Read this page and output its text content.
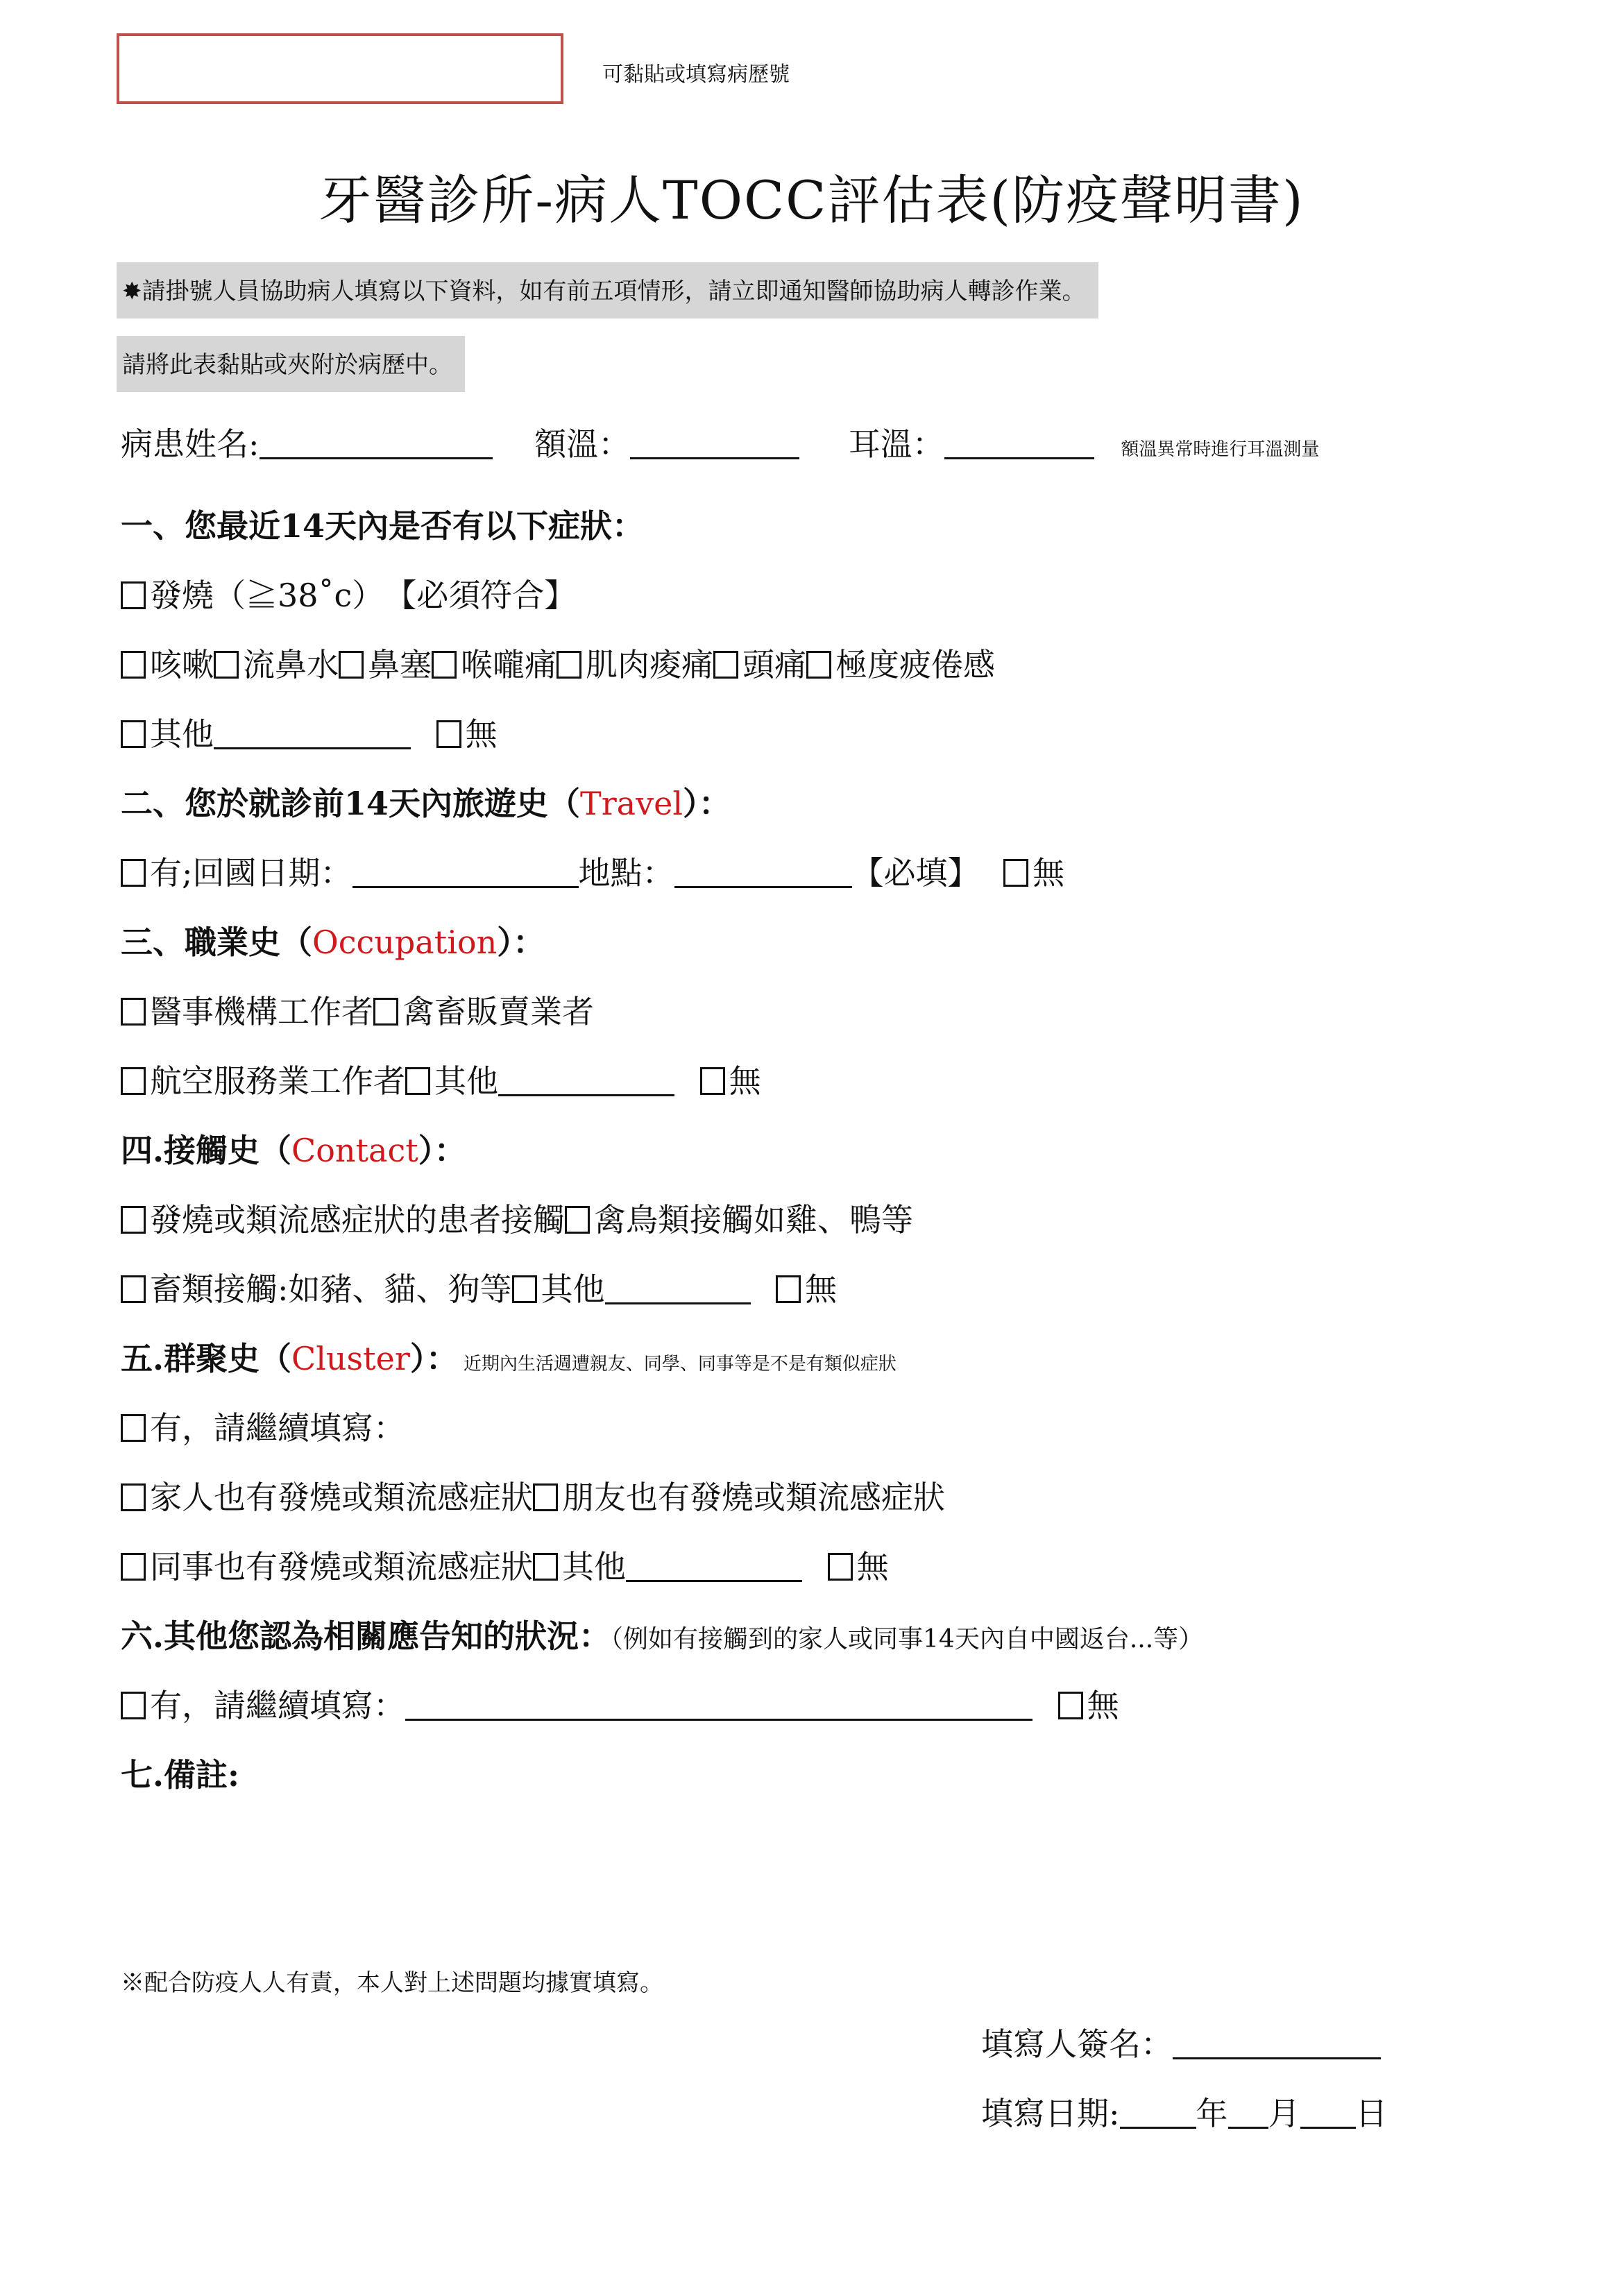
可黏貼或填寫病歷號
牙醫診所-病人TOCC評估表(防疫聲明書)
✸請掛號人員協助病人填寫以下資料，如有前五項情形，請立即通知醫師協助病人轉診作業。
請將此表黏貼或夾附於病歷中。
病患姓名:	額溫：	耳溫：	額溫異常時進行耳溫測量
一、您最近14天內是否有以下症狀：
發燒（≧38˚c） 【必須符合】
咳嗽 流鼻水 鼻塞 喉嚨痛 肌肉痠痛 頭痛 極度疲倦感
其他	無
二、您於就診前14天內旅遊史（Travel）：
有;回國日期：	地點：	【必填】 無
三、職業史（Occupation）：
醫事機構工作者 禽畜販賣業者
航空服務業工作者 其他	無
四.接觸史（Contact）：
發燒或類流感症狀的患者接觸 禽鳥類接觸如雞、鴨等
畜類接觸:如豬、貓、狗等 其他	無
五.群聚史（Cluster）： 近期內生活週遭親友、同學、同事等是不是有類似症狀
有，請繼續填寫：
家人也有發燒或類流感症狀 朋友也有發燒或類流感症狀
同事也有發燒或類流感症狀 其他	無
六.其他您認為相關應告知的狀況：（例如有接觸到的家人或同事14天內自中國返台...等）
有，請繼續填寫：	無
七.備註:
※配合防疫人人有責，本人對上述問題均據實填寫。
填寫人簽名：
填寫日期: 年 月 日
